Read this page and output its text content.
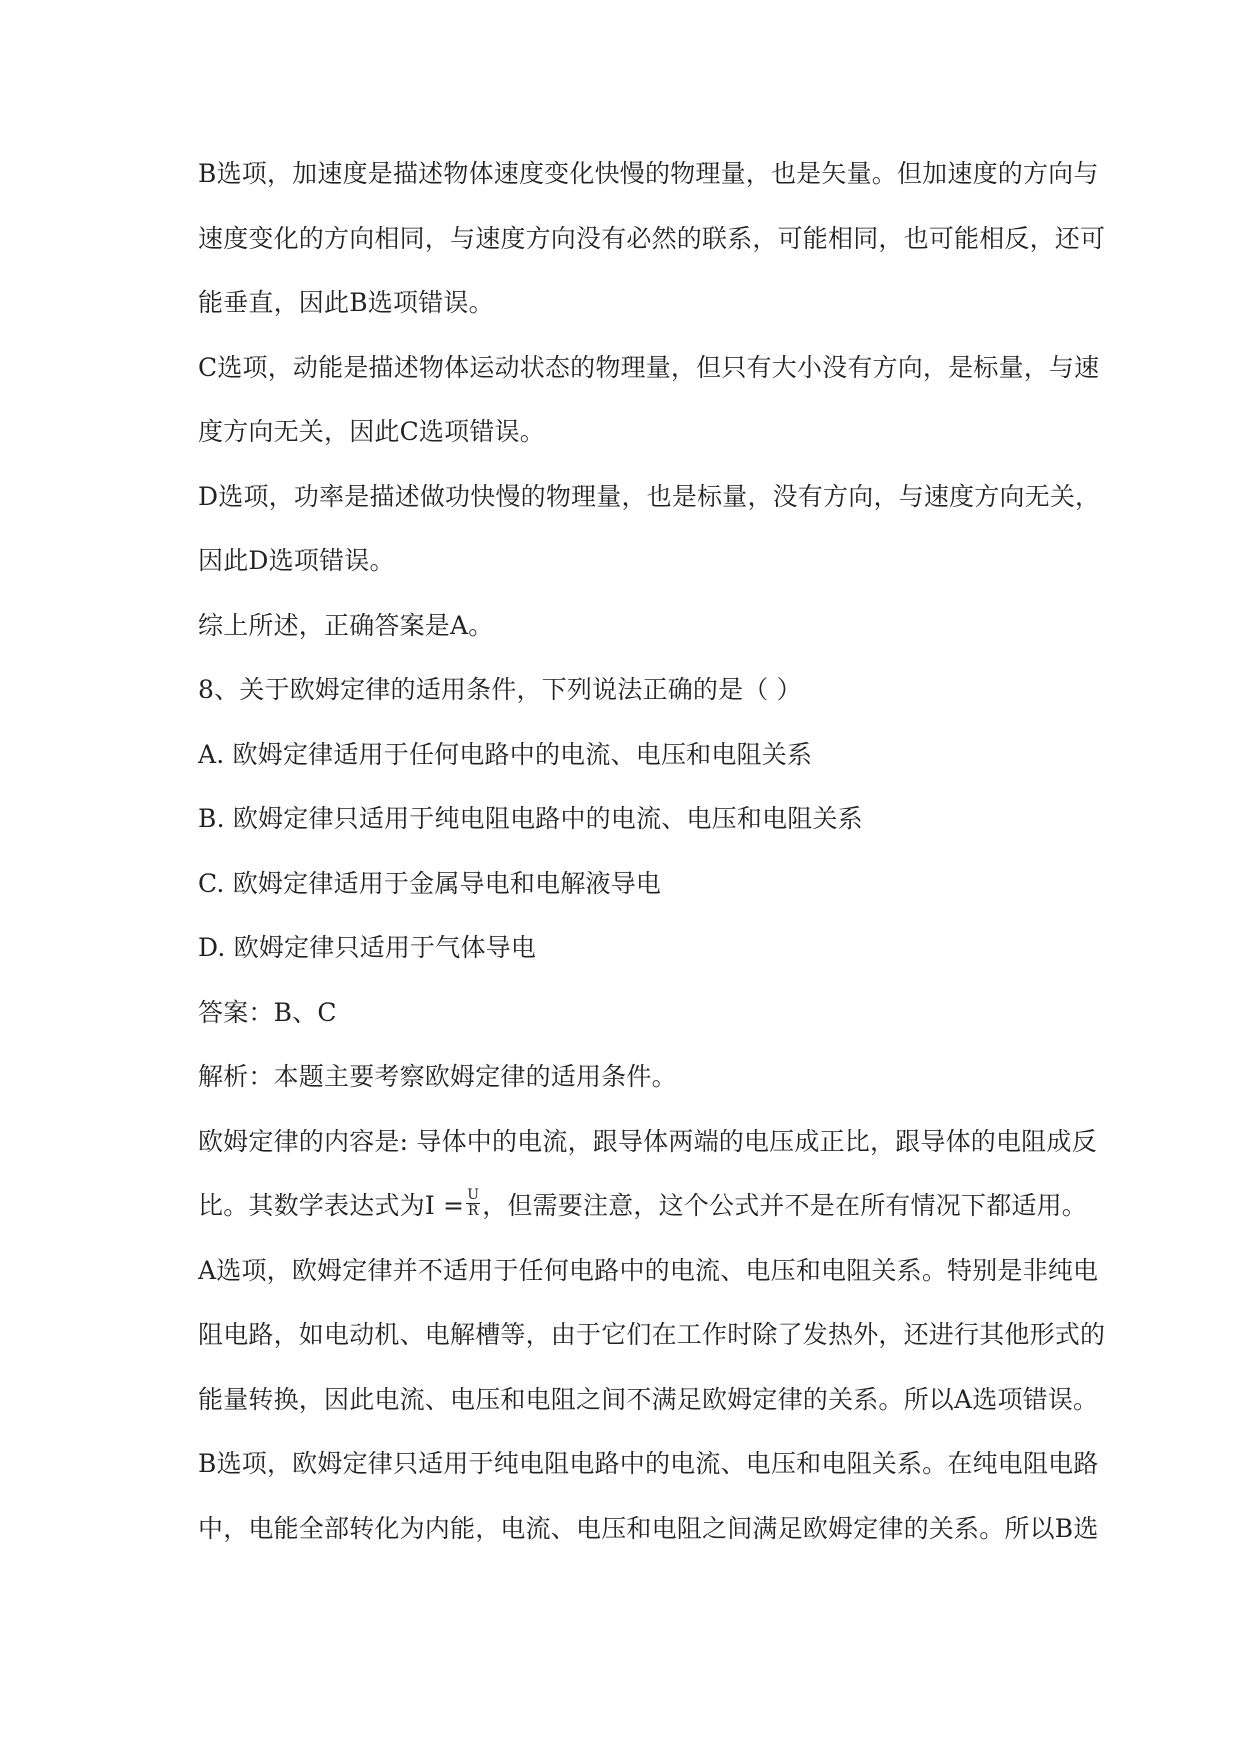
B选项，加速度是描述物体速度变化快慢的物理量，也是矢量。但加速度的方向与
速度变化的方向相同，与速度方向没有必然的联系，可能相同，也可能相反，还可
能垂直，因此B选项错误。
C选项，动能是描述物体运动状态的物理量，但只有大小没有方向，是标量，与速
度方向无关，因此C选项错误。
D选项，功率是描述做功快慢的物理量，也是标量，没有方向，与速度方向无关，
因此D选项错误。
综上所述，正确答案是A。
8、关于欧姆定律的适用条件，下列说法正确的是（ ）
A. 欧姆定律适用于任何电路中的电流、电压和电阻关系
B. 欧姆定律只适用于纯电阻电路中的电流、电压和电阻关系
C. 欧姆定律适用于金属导电和电解液导电
D. 欧姆定律只适用于气体导电
答案：B、C
解析：本题主要考察欧姆定律的适用条件。
欧姆定律的内容是: 导体中的电流，跟导体两端的电压成正比，跟导体的电阻成反
比。其数学表达式为$I = \frac{U}{R}$ ，但需要注意，这个公式并不是在所有情况下都适用。
A选项，欧姆定律并不适用于任何电路中的电流、电压和电阻关系。特别是非纯电
阻电路，如电动机、电解槽等，由于它们在工作时除了发热外，还进行其他形式的
能量转换，因此电流、电压和电阻之间不满足欧姆定律的关系。所以A选项错误。
B选项，欧姆定律只适用于纯电阻电路中的电流、电压和电阻关系。在纯电阻电路
中，电能全部转化为内能，电流、电压和电阻之间满足欧姆定律的关系。所以B选
